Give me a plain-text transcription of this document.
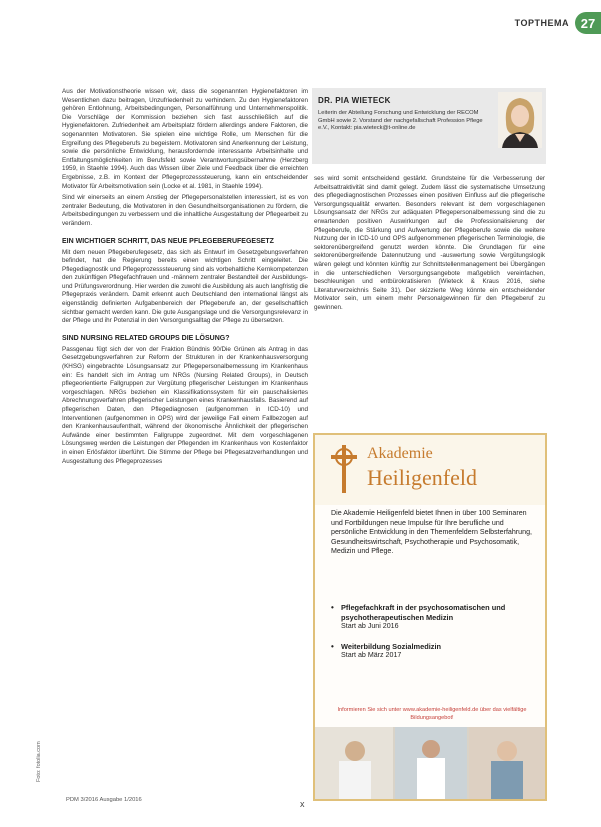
TOPTHEMA 27

Aus der Motivationstheorie wissen wir, dass die sogenannten Hygienefaktoren im Wesentlichen dazu beitragen, Unzufriedenheit zu verhindern. Zu den Hygienefaktoren gehören Entlohnung, Arbeitsbedingungen, Personalführung und Unternehmenspolitik. Die Vorschläge der Kommission beziehen sich fast ausschließlich auf die Hygienefaktoren. Zufriedenheit am Arbeitsplatz fördern allerdings andere Faktoren, die sogenannten Motivatoren. Sie spielen eine wichtige Rolle, um Menschen für die Ergreifung des Pflegeberufs zu begeistern. Motivatoren sind Anerkennung der Leistung, sowie die persönliche Entwicklung, herausfordernde interessante Arbeitsinhalte und Entfaltungsmöglichkeiten im Berufsfeld sowie Verantwortungsübernahme (Herzberg 1959, in Staehle 1994). Auch das Wissen über Ziele und Feedback über die erreichten Ergebnisse, z.B. im Kontext der Pflegeprozesssteuerung, kann ein entscheidender Motivator für Arbeitsmotivation sein (Locke et al. 1981, in Staehle 1994).

Sind wir einerseits an einem Anstieg der Pflegepersonalstellen interessiert, ist es von zentraler Bedeutung, die Motivatoren in den Gesundheitsorganisationen zu fördern, die Arbeitsbedingungen zu verbessern und die inhaltliche Ausgestaltung der Pflegearbeit zu verändern.

EIN WICHTIGER SCHRITT, DAS NEUE PFLEGEBERUFEGESETZ

Mit dem neuen Pflegeberufegesetz, das sich als Entwurf im Gesetzgebungsverfahren befindet, hat die Regierung bereits einen wichtigen Schritt eingeleitet. Die Pflegediagnostik und Pflegeprozesssteuerung sind als vorbehaltliche Kernkompetenzen den zukünftigen Pflegefachfrauen und -männern zentraler Bestandteil der Ausbildungs- und Prüfungsverordnung. Hier werden die zuwohl die Ausbildung als auch langfristig die Pflegepraxis verändern. Damit erkennt auch Deutschland den international längst als eigenständig definierten Aufgabenbereich der Pflegeberufe an, der gesellschaftlich sichtbar gemacht werden kann. Die gute Ausgangslage und die Versorgungsrelevanz in der Pflege und ihr Potenzial in den Versorgungsalltag der Pflege zu übersetzen.

SIND NURSING RELATED GROUPS DIE LÖSUNG?

Passgenau fügt sich der von der Fraktion Bündnis 90/Die Grünen als Antrag in das Gesetzgebungsverfahren zur Reform der Strukturen in der Krankenhausversorgung (KHSG) eingebrachte Lösungsansatz zur Pflegepersonalbemessung im Krankenhaus ein: Es handelt sich im Antrag um NRGs (Nursing Related Groups), in Deutsch pflegeorientierte Fallgruppen zur Vergütung pflegerischer Leistungen im Krankenhaus vorgeschlagen. NRGs beziehen ein Klassifikationssystem für ein pauschalisiertes Abrechnungsverfahren pflegerischer Leistungen eines Krankenhausfalls. Basierend auf pflegerischen Daten, den Pflegediagnosen (aufgenommen in ICD-10) und Interventionen (aufgenommen in OPS) wird der jeweilige Fall einem Fallbezogen auf den Krankenhausaufenthalt, während der ökonomische Ähnlichkeit der pflegerischen Aufwände einer bestimmten Fallgruppe zugeordnet. Mit dem vorgeschlagenen Lösungsweg werden die Leistungen der Pflegenden im Krankenhaus von Kostenfaktor in einen Erlösfaktor überführt. Die Stimme der Pflege bei Pflegesatzverhandlungen und Ausgestaltung des Pflegeprozesses

DR. PIA WIETECK
Leiterin der Abteilung Forschung und Entwicklung der RECOM GmbH sowie 2. Vorstand der nachgefallschaft Profession Pflege e.V., Kontakt: pia.wieteck@t-online.de

ses wird somit entscheidend gestärkt. Grundsteine für die Verbesserung der Arbeitsattraktivität sind damit gelegt. Zudem lässt die systematische Umsetzung des pflegediagnostischen Prozesses einen positiven Einfluss auf die pflegerische Versorgungsqualität erwarten. Besonders relevant ist dem vorgeschlagenen Lösungsansatz der NRGs zur adäquaten Pflegepersonalbemessung sind die zu erwartenden positiven Auswirkungen auf die Professionalisierung der Pflegeberufe, die Stärkung und Aufwertung der Pflegeberufe sowie die weitere Nutzung der in ICD-10 und OPS aufgenommenen pflegerischen Terminologie, die sektorenübergreifend genutzt werden könnte. Die Grundlagen für eine sektorenübergreifende Datennutzung und -auswertung sowie Vergütungslogik wären gelegt und könnten künftig zur Schnittstellenmanagement bei Übergängen in die unterschiedlichen Versorgungsangebote maßgeblich vereinfachen, beschleunigen und entbürokratisieren (Wieteck & Kraus 2016, siehe Literaturverzeichnis Seite 31). Der skizzierte Weg könnte ein entscheidender Motivator sein, um einem mehr Personalgewinnen für den Pflegeberuf zu gewinnen.

Akademie
Heiligenfeld
Die Akademie Heiligenfeld bietet Ihnen in über 100 Seminaren und Fortbildungen neue Impulse für Ihre berufliche und persönliche Entwicklung in den Themenfeldern Selbsterfahrung, Gesundheitswirtschaft, Psychotherapie und Psychosomatik, Medizin und Pflege.
• Pflegefachkraft in der psychosomatischen und psychotherapeutischen Medizin
Start ab Juni 2016
• Weiterbildung Sozialmedizin
Start ab März 2017
Informieren Sie sich unter www.akademie-heiligenfeld.de über das vielfältige Bildungsangebot!
PDM 3/2016 Ausgabe 1/2016	x
Foto: fotolia.com
